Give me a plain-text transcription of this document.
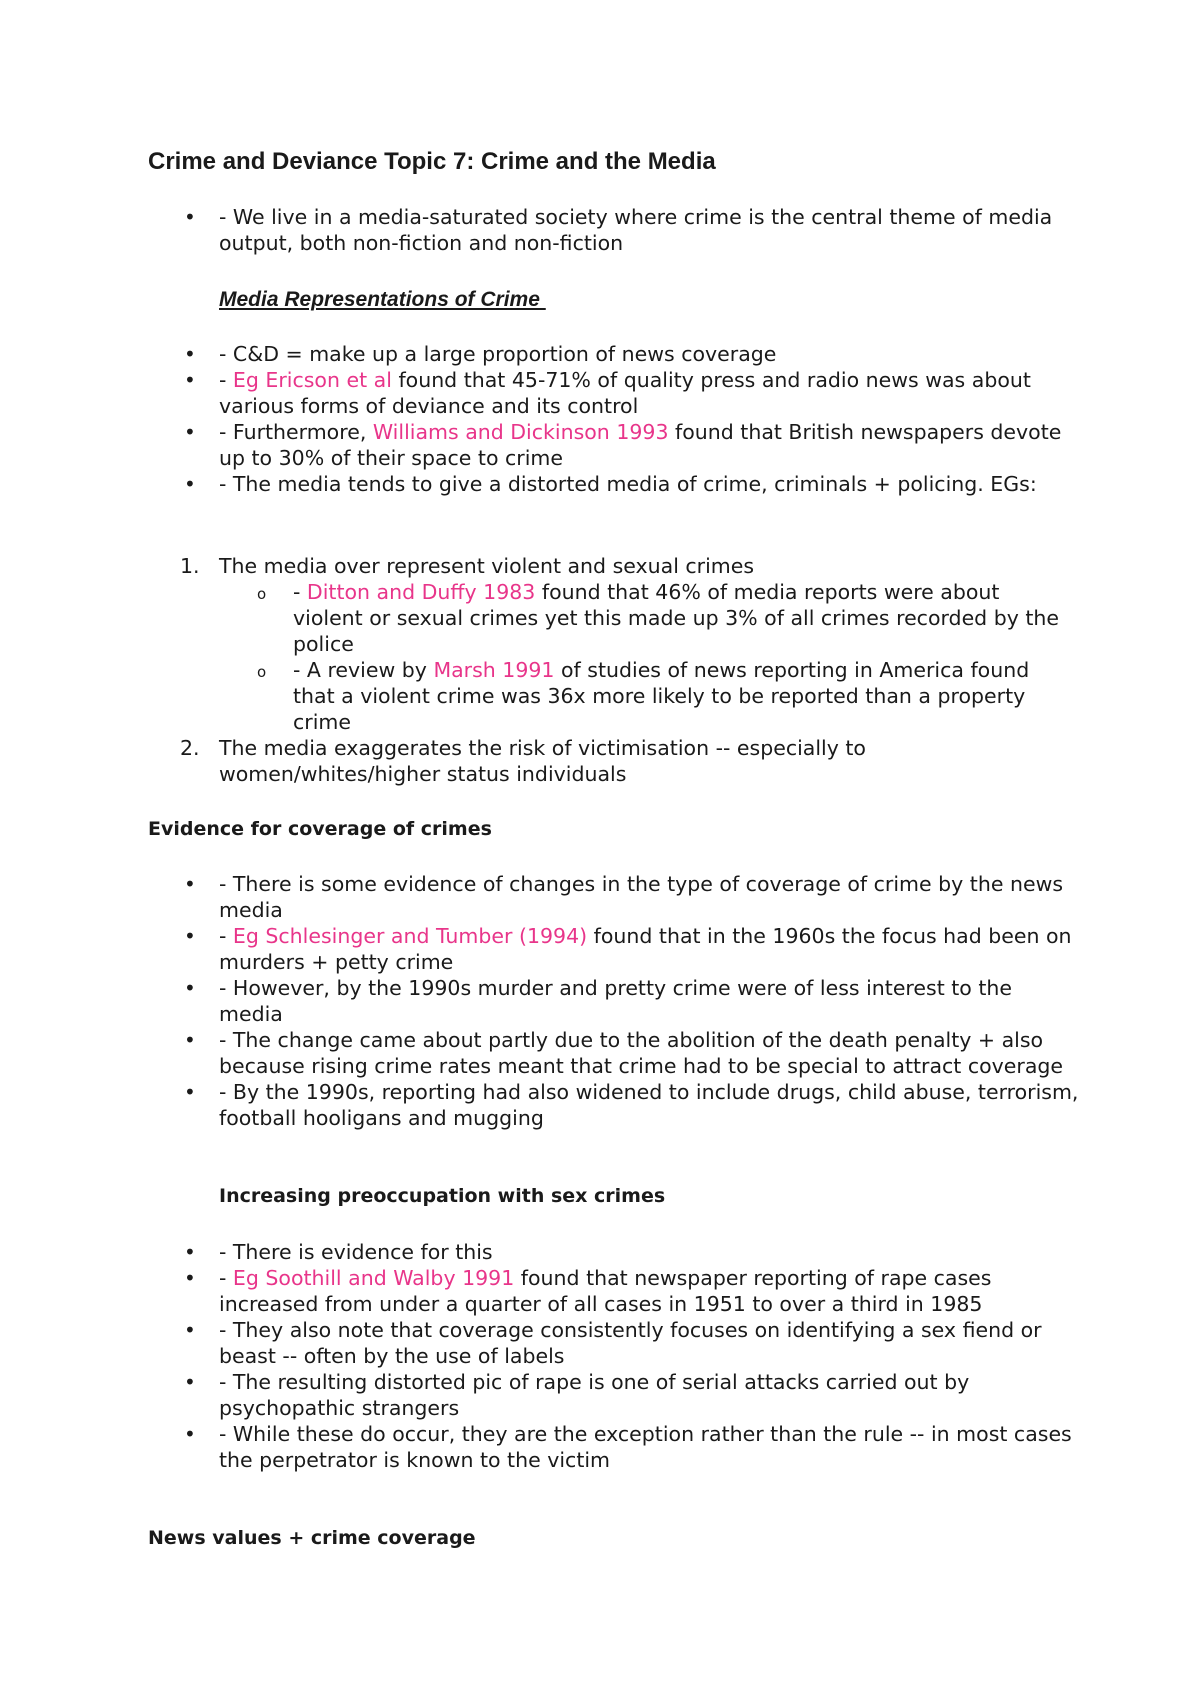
Crime and Deviance Topic 7: Crime and the Media
• - We live in a media-saturated society where crime is the central theme of media output, both non-fiction and non-fiction
Media Representations of Crime
• - C&D = make up a large proportion of news coverage
• - Eg Ericson et al found that 45-71% of quality press and radio news was about various forms of deviance and its control
• - Furthermore, Williams and Dickinson 1993 found that British newspapers devote up to 30% of their space to crime
• - The media tends to give a distorted media of crime, criminals + policing. EGs:
1. The media over represent violent and sexual crimes
o - Ditton and Duffy 1983 found that 46% of media reports were about violent or sexual crimes yet this made up 3% of all crimes recorded by the police
o - A review by Marsh 1991 of studies of news reporting in America found that a violent crime was 36x more likely to be reported than a property crime
2. The media exaggerates the risk of victimisation -- especially to women/whites/higher status individuals
Evidence for coverage of crimes
• - There is some evidence of changes in the type of coverage of crime by the news media
• - Eg Schlesinger and Tumber (1994) found that in the 1960s the focus had been on murders + petty crime
• - However, by the 1990s murder and pretty crime were of less interest to the media
• - The change came about partly due to the abolition of the death penalty + also because rising crime rates meant that crime had to be special to attract coverage
• - By the 1990s, reporting had also widened to include drugs, child abuse, terrorism, football hooligans and mugging
Increasing preoccupation with sex crimes
• - There is evidence for this
• - Eg Soothill and Walby 1991 found that newspaper reporting of rape cases increased from under a quarter of all cases in 1951 to over a third in 1985
• - They also note that coverage consistently focuses on identifying a sex fiend or beast -- often by the use of labels
• - The resulting distorted pic of rape is one of serial attacks carried out by psychopathic strangers
• - While these do occur, they are the exception rather than the rule -- in most cases the perpetrator is known to the victim
News values + crime coverage
